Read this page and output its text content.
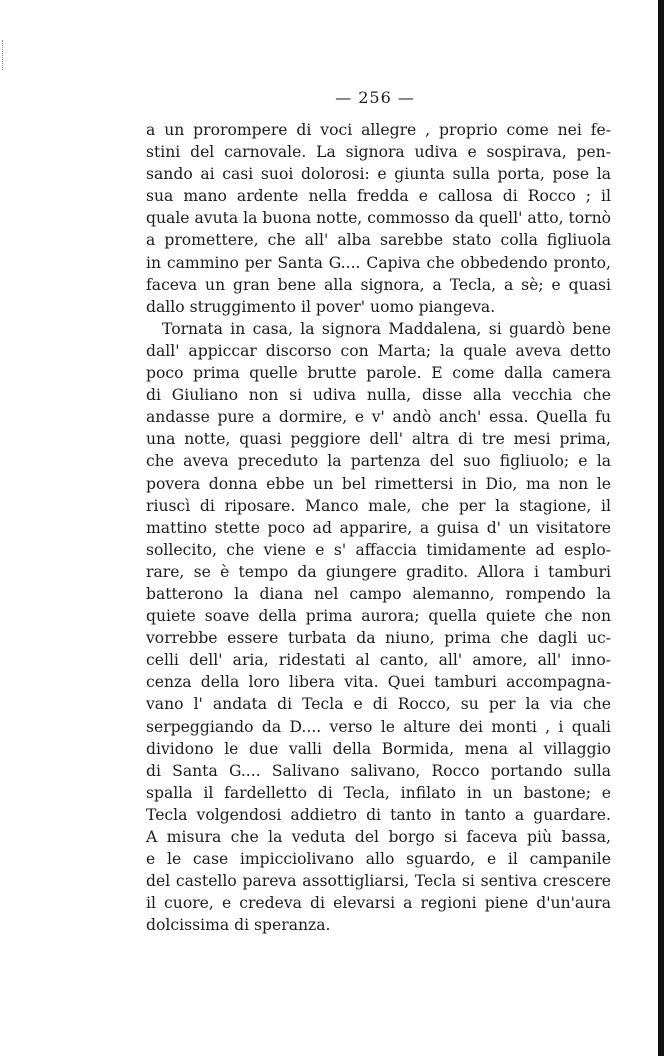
— 256 —
a un prorompere di voci allegre , proprio come nei fe-
stini del carnovale. La signora udiva e sospirava, pen-
sando ai casi suoi dolorosi: e giunta sulla porta, pose la
sua mano ardente nella fredda e callosa di Rocco ; il
quale avuta la buona notte, commosso da quell' atto, tornò
a promettere, che all' alba sarebbe stato colla figliuola
in cammino per Santa G.... Capiva che obbedendo pronto,
faceva un gran bene alla signora, a Tecla, a sè; e quasi
dallo struggimento il pover' uomo piangeva.
Tornata in casa, la signora Maddalena, si guardò bene
dall' appiccar discorso con Marta; la quale aveva detto
poco prima quelle brutte parole. E come dalla camera
di Giuliano non si udiva nulla, disse alla vecchia che
andasse pure a dormire, e v' andò anch' essa. Quella fu
una notte, quasi peggiore dell' altra di tre mesi prima,
che aveva preceduto la partenza del suo figliuolo; e la
povera donna ebbe un bel rimettersi in Dio, ma non le
riuscì di riposare. Manco male, che per la stagione, il
mattino stette poco ad apparire, a guisa d' un visitatore
sollecito, che viene e s' affaccia timidamente ad esplo-
rare, se è tempo da giungere gradito. Allora i tamburi
batterono la diana nel campo alemanno, rompendo la
quiete soave della prima aurora; quella quiete che non
vorrebbe essere turbata da niuno, prima che dagli uc-
celli dell' aria, ridestati al canto, all' amore, all' inno-
cenza della loro libera vita. Quei tamburi accompagna-
vano l' andata di Tecla e di Rocco, su per la via che
serpeggiando da D.... verso le alture dei monti , i quali
dividono le due valli della Bormida, mena al villaggio
di Santa G.... Salivano salivano, Rocco portando sulla
spalla il fardelletto di Tecla, infilato in un bastone; e
Tecla volgendosi addietro di tanto in tanto a guardare.
A misura che la veduta del borgo si faceva più bassa,
e le case impicciolivano allo sguardo, e il campanile
del castello pareva assottigliarsi, Tecla si sentiva crescere
il cuore, e credeva di elevarsi a regioni piene d'un'aura
dolcissima di speranza.
